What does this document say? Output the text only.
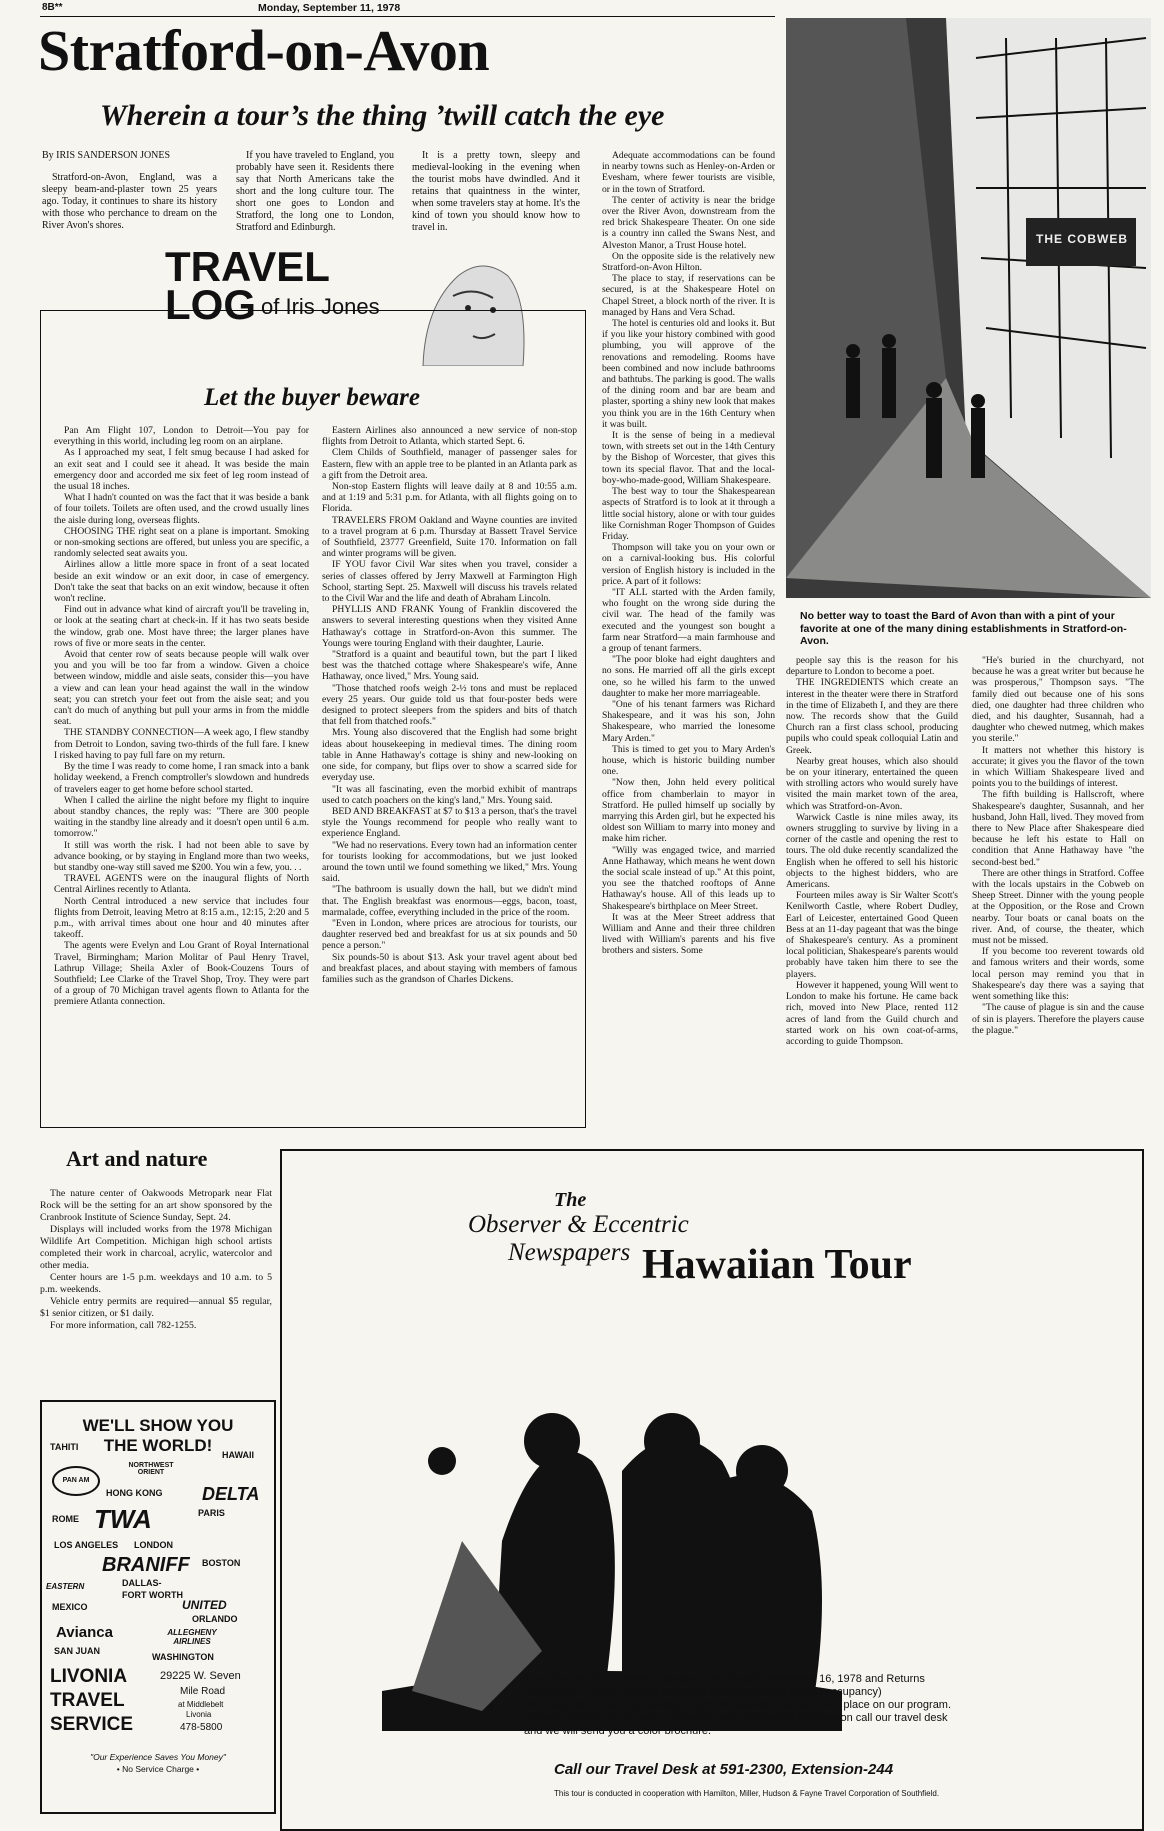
8B**	Monday, September 11, 1978
Stratford-on-Avon
Wherein a tour’s the thing ’twill catch the eye

By IRIS SANDERSON JONES

Stratford-on-Avon, England, was a sleepy beam-and-plaster town 25 years ago. Today, it continues to share its history with those who perchance to dream on the River Avon's shores.

If you have traveled to England, you probably have seen it. Residents there say that North Americans take the short and the long culture tour. The short one goes to London and Stratford, the long one to London, Stratford and Edinburgh.

It is a pretty town, sleepy and medieval-looking in the evening when the tourist mobs have dwindled. And it retains that quaintness in the winter, when some travelers stay at home. It's the kind of town you should know how to travel in.

TRAVEL
LOG of Iris Jones
Let the buyer beware

Pan Am Flight 107, London to Detroit—You pay for everything in this world, including leg room on an airplane.

As I approached my seat, I felt smug because I had asked for an exit seat and I could see it ahead. It was beside the main emergency door and accorded me six feet of leg room instead of the usual 18 inches.

What I hadn't counted on was the fact that it was beside a bank of four toilets. Toilets are often used, and the crowd usually lines the aisle during long, overseas flights.

CHOOSING THE right seat on a plane is important. Smoking or non-smoking sections are offered, but unless you are specific, a randomly selected seat awaits you.

Airlines allow a little more space in front of a seat located beside an exit window or an exit door, in case of emergency. Don't take the seat that backs on an exit window, because it often won't recline.

Find out in advance what kind of aircraft you'll be traveling in, or look at the seating chart at check-in. If it has two seats beside the window, grab one. Most have three; the larger planes have rows of five or more seats in the center.

Avoid that center row of seats because people will walk over you and you will be too far from a window. Given a choice between window, middle and aisle seats, consider this—you have a view and can lean your head against the wall in the window seat; you can stretch your feet out from the aisle seat; and you can't do much of anything but pull your arms in from the middle seat.

THE STANDBY CONNECTION—A week ago, I flew standby from Detroit to London, saving two-thirds of the full fare. I knew I risked having to pay full fare on my return.

By the time I was ready to come home, I ran smack into a bank holiday weekend, a French comptroller's slowdown and hundreds of travelers eager to get home before school started.

When I called the airline the night before my flight to inquire about standby chances, the reply was: "There are 300 people waiting in the standby line already and it doesn't open until 6 a.m. tomorrow."

It still was worth the risk. I had not been able to save by advance booking, or by staying in England more than two weeks, but standby one-way still saved me $200. You win a few, you. . .

TRAVEL AGENTS were on the inaugural flights of North Central Airlines recently to Atlanta.

North Central introduced a new service that includes four flights from Detroit, leaving Metro at 8:15 a.m., 12:15, 2:20 and 5 p.m., with arrival times about one hour and 40 minutes after takeoff.

The agents were Evelyn and Lou Grant of Royal International Travel, Birmingham; Marion Molitar of Paul Henry Travel, Lathrup Village; Sheila Axler of Book-Couzens Tours of Southfield; Lee Clarke of the Travel Shop, Troy. They were part of a group of 70 Michigan travel agents flown to Atlanta for the premiere Atlanta connection.

Eastern Airlines also announced a new service of non-stop flights from Detroit to Atlanta, which started Sept. 6.

Clem Childs of Southfield, manager of passenger sales for Eastern, flew with an apple tree to be planted in an Atlanta park as a gift from the Detroit area.

Non-stop Eastern flights will leave daily at 8 and 10:55 a.m. and at 1:19 and 5:31 p.m. for Atlanta, with all flights going on to Florida.

TRAVELERS FROM Oakland and Wayne counties are invited to a travel program at 6 p.m. Thursday at Bassett Travel Service of Southfield, 23777 Greenfield, Suite 170. Information on fall and winter programs will be given.

IF YOU favor Civil War sites when you travel, consider a series of classes offered by Jerry Maxwell at Farmington High School, starting Sept. 25. Maxwell will discuss his travels related to the Civil War and the life and death of Abraham Lincoln.

PHYLLIS AND FRANK Young of Franklin discovered the answers to several interesting questions when they visited Anne Hathaway's cottage in Stratford-on-Avon this summer. The Youngs were touring England with their daughter, Laurie.

"Stratford is a quaint and beautiful town, but the part I liked best was the thatched cottage where Shakespeare's wife, Anne Hathaway, once lived," Mrs. Young said.

"Those thatched roofs weigh 2-½ tons and must be replaced every 25 years. Our guide told us that four-poster beds were designed to protect sleepers from the spiders and bits of thatch that fell from thatched roofs."

Mrs. Young also discovered that the English had some bright ideas about housekeeping in medieval times. The dining room table in Anne Hathaway's cottage is shiny and new-looking on one side, for company, but flips over to show a scarred side for everyday use.

"It was all fascinating, even the morbid exhibit of mantraps used to catch poachers on the king's land," Mrs. Young said.

BED AND BREAKFAST at $7 to $13 a person, that's the travel style the Youngs recommend for people who really want to experience England.

"We had no reservations. Every town had an information center for tourists looking for accommodations, but we just looked around the town until we found something we liked," Mrs. Young said.

"The bathroom is usually down the hall, but we didn't mind that. The English breakfast was enormous—eggs, bacon, toast, marmalade, coffee, everything included in the price of the room.

"Even in London, where prices are atrocious for tourists, our daughter reserved bed and breakfast for us at six pounds and 50 pence a person."

Six pounds-50 is about $13. Ask your travel agent about bed and breakfast places, and about staying with members of famous families such as the grandson of Charles Dickens.

Adequate accommodations can be found in nearby towns such as Henley-on-Arden or Evesham, where fewer tourists are visible, or in the town of Stratford.

The center of activity is near the bridge over the River Avon, downstream from the red brick Shakespeare Theater. On one side is a country inn called the Swans Nest, and Alveston Manor, a Trust House hotel.

On the opposite side is the relatively new Stratford-on-Avon Hilton.

The place to stay, if reservations can be secured, is at the Shakespeare Hotel on Chapel Street, a block north of the river. It is managed by Hans and Vera Schad.

The hotel is centuries old and looks it. But if you like your history combined with good plumbing, you will approve of the renovations and remodeling. Rooms have been combined and now include bathrooms and bathtubs. The parking is good. The walls of the dining room and bar are beam and plaster, sporting a shiny new look that makes you think you are in the 16th Century when it was built.

It is the sense of being in a medieval town, with streets set out in the 14th Century by the Bishop of Worcester, that gives this town its special flavor. That and the local-boy-who-made-good, William Shakespeare.

The best way to tour the Shakespearean aspects of Stratford is to look at it through a little social history, alone or with tour guides like Cornishman Roger Thompson of Guides Friday.

Thompson will take you on your own or on a carnival-looking bus. His colorful version of English history is included in the price. A part of it follows:

"IT ALL started with the Arden family, who fought on the wrong side during the civil war. The head of the family was executed and the youngest son bought a farm near Stratford—a main farmhouse and a group of tenant farmers.

"The poor bloke had eight daughters and no sons. He married off all the girls except one, so he willed his farm to the unwed daughter to make her more marriageable.

"One of his tenant farmers was Richard Shakespeare, and it was his son, John Shakespeare, who married the lonesome Mary Arden."

This is timed to get you to Mary Arden's house, which is historic building number one.

"Now then, John held every political office from chamberlain to mayor in Stratford. He pulled himself up socially by marrying this Arden girl, but he expected his oldest son William to marry into money and make him richer.

"Willy was engaged twice, and married Anne Hathaway, which means he went down the social scale instead of up." At this point, you see the thatched rooftops of Anne Hathaway's house. All of this leads up to Shakespeare's birthplace on Meer Street.

It was at the Meer Street address that William and Anne and their three children lived with William's parents and his five brothers and sisters. Some

THE COBWEB
No better way to toast the Bard of Avon than with a pint of your favorite at one of the many dining establishments in Stratford-on-Avon.

people say this is the reason for his departure to London to become a poet.

THE INGREDIENTS which create an interest in the theater were there in Stratford in the time of Elizabeth I, and they are there now. The records show that the Guild Church ran a first class school, producing pupils who could speak colloquial Latin and Greek.

Nearby great houses, which also should be on your itinerary, entertained the queen with strolling actors who would surely have visited the main market town of the area, which was Stratford-on-Avon.

Warwick Castle is nine miles away, its owners struggling to survive by living in a corner of the castle and opening the rest to tours. The old duke recently scandalized the English when he offered to sell his historic objects to the highest bidders, who are Americans.

Fourteen miles away is Sir Walter Scott's Kenilworth Castle, where Robert Dudley, Earl of Leicester, entertained Good Queen Bess at an 11-day pageant that was the binge of Shakespeare's century. As a prominent local politician, Shakespeare's parents would probably have taken him there to see the players.

However it happened, young Will went to London to make his fortune. He came back rich, moved into New Place, rented 112 acres of land from the Guild church and started work on his own coat-of-arms, according to guide Thompson.

"He's buried in the churchyard, not because he was a great writer but because he was prosperous," Thompson says. "The family died out because one of his sons died, one daughter had three children who died, and his daughter, Susannah, had a daughter who chewed nutmeg, which makes you sterile."

It matters not whether this history is accurate; it gives you the flavor of the town in which William Shakespeare lived and points you to the buildings of interest.

The fifth building is Hallscroft, where Shakespeare's daughter, Susannah, and her husband, John Hall, lived. They moved from there to New Place after Shakespeare died because he left his estate to Hall on condition that Anne Hathaway have "the second-best bed."

There are other things in Stratford. Coffee with the locals upstairs in the Cobweb on Sheep Street. Dinner with the young people at the Opposition, or the Rose and Crown nearby. Tour boats or canal boats on the river. And, of course, the theater, which must not be missed.

If you become too reverent towards old and famous writers and their words, some local person may remind you that in Shakespeare's day there was a saying that went something like this:

"The cause of plague is sin and the cause of sin is players. Therefore the players cause the plague."

Art and nature

The nature center of Oakwoods Metropark near Flat Rock will be the setting for an art show sponsored by the Cranbrook Institute of Science Sunday, Sept. 24.

Displays will included works from the 1978 Michigan Wildlife Art Competition. Michigan high school artists completed their work in charcoal, acrylic, watercolor and other media.

Center hours are 1-5 p.m. weekdays and 10 a.m. to 5 p.m. weekends.

Vehicle entry permits are required—annual $5 regular, $1 senior citizen, or $1 daily.

For more information, call 782-1255.

WE'LL SHOW YOU
THE WORLD!
TAHITI
HAWAII
PAN AM
NORTHWEST ORIENT
HONG KONG DELTA
ROME TWA	PARIS
LOS ANGELES LONDON
BRANIFF BOSTON
EASTERN	DALLAS-
FORT WORTH
MEXICO	UNITED
ORLANDO
ALLEGHENY AIRLINES
Avianca
SAN JUAN
WASHINGTON
LIVONIA
TRAVEL
SERVICE
29225 W. Seven
Mile Road
at Middlebelt
Livonia
478-5800
"Our Experience Saves You Money"
• No Service Charge •
The
Observer & Eccentric
Newspapers Hawaiian Tour
The Observer & Eccentric Hawaiian Tour departs November 16, 1978 and Returns
December 1, 1978 Cost per person is $899 (based on double occupancy)
You may join the tour by sending a $25.00 deposit to secure your place on our program.
Space is limited, so get your deposit in early. For further information call our travel desk
and we will send you a color brochure.
Call our Travel Desk at 591-2300, Extension-244
This tour is conducted in cooperation with Hamilton, Miller, Hudson & Fayne Travel Corporation of Southfield.
